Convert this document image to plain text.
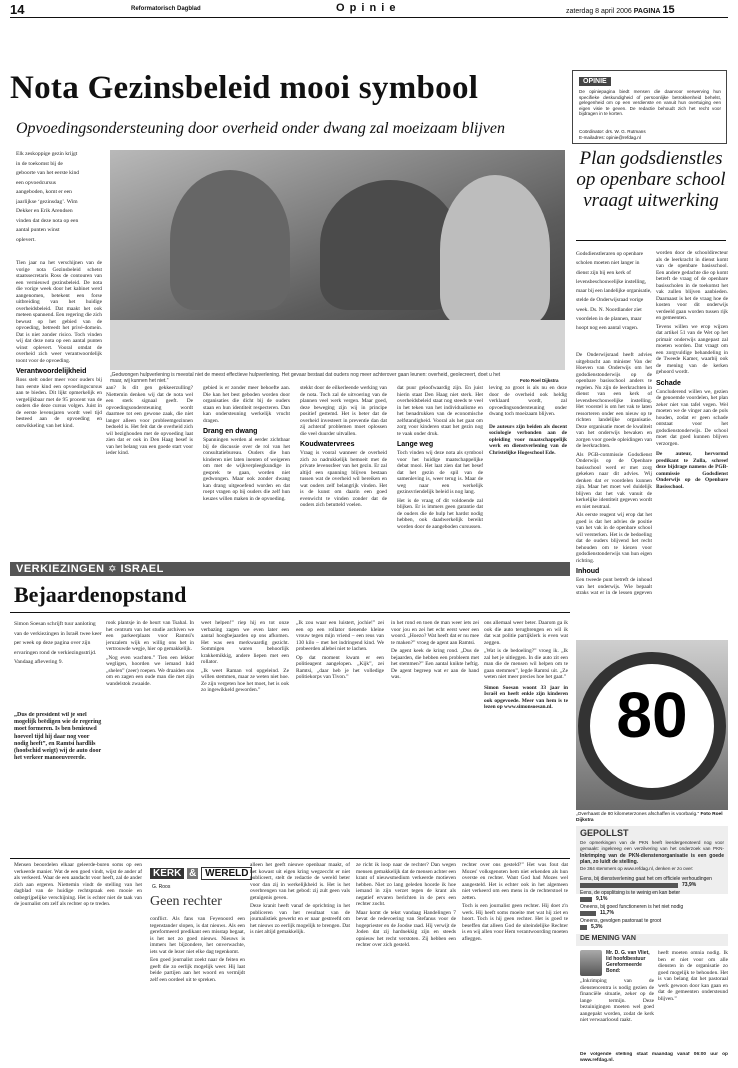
14	Reformatorisch Dagblad	O p i n i e	zaterdag 8 april 2006 PAGINA 15
Nota Gezinsbeleid mooi symbool
Opvoedingsondersteuning door overheid onder dwang zal moeizaam blijven
OPINIE
De opiniepagina biedt mensen die daarvoor verwerving hun specifieke deskundigheid of persoonlijke betrokkenheid behelst, gelegenheid om op een verdienste en vanuit hun overtuiging een eigen visie te geven. De redactie behoudt zich het recht voor bijdragen in te korten.
Coördinator: drs. W. G. Rutmans
E-mailadres: opinie@refdag.nl
Elk zeskoppige gezin krijgt in de toekomst bij de geboorte van het eerste kind een opvoedcursus aangeboden, komt er een jaarlijkse ‘gezinsdag’. Wim Dekker en Erik Arendsen vinden dat deze nota op een aantal punten winst oplevert.
„Gedwongen hulpverlening is meestal niet de meest effectieve hulpverlening. Het gevaar bestaat dat ouders nog meer achterover gaan leunen: overheid, geolecreert, doet u het maar, wij kunnen het niet.”	Foto Roel Dijkstra

Tien jaar na het verschijnen van de vorige nota Gezinsbeleid schetst staatssecretaris Ross de contouren van een vernieuwd gezinsbeleid. De nota die vorige week door het kabinet werd aangenomen, betekent een forse uitbreiding van het huidige overheidsbeleid. Dat maakt het ook meteen spannend. Een regering die zich bewust op het gebied van de opvoeding, betreedt het privé-domein. Dat is niet zonder risico. Toch vinden wij dat deze nota op een aantal punten winst oplevert. Vooral omdat de overheid zich weer verantwoordelijk toont voor de opvoeding.

Verantwoordelijkheid

Ross stelt onder meer voor ouders bij hun eerste kind een opvoedingscursus aan te bieden. Dit lijkt opmerkelijk en vergelijkbaar met de 95 procent van de ouders die deze cursus volgen. Juist in de eerste levensjaren wordt veel tijd besteed aan de opvoeding en ontwikkeling van het kind.

aan? Is dit gen gekkeerzulling? Niettemin denken wij dat de nota wel een sterk signaal geeft. De opvoedingsondersteuning wordt daarmee tot een gewone zaak, die niet langer alleen voor probleemgezinnen bedoeld is. Het feit dat de overheid zich wil bezighouden met de opvoeding laat zien dat er ook in Den Haag besef is van het belang van een goede start voor ieder kind.

gebied is er zonder meer behoefte aan. Die kan het best geboden worden door organisaties die dicht bij de ouders staan en hun identiteit respecteren. Dan kan ondersteuning werkelijk vrucht dragen.

Drang en dwang

Spanningen werden al eerder zichtbaar bij de discussie over de rol van het consultatiebureau. Ouders die hun kinderen niet laten inenten of weigeren om met de wijkverpleegkundige in gesprek te gaan, worden niet gedwongen. Maar ook zonder dwang kan drang uitgeoefend worden en dat roept vragen op bij ouders die zelf hun keuzes willen maken in de opvoeding.

stekkt door de eilkerleende werking van de nota. Toch zal de uitvoering van de plannen veel werk vergen. Maar goed, deze beweging zijn wij in principe positief gestemd. Het is beter dat de overheid investeert in preventie dan dat zij achteraf problemen moet oplossen die veel duurder uitvallen.

Koudwatervrees

Vraag is vooral wanneer de overheid zich zo nadrukkelijk bemoeit met de private levenssfeer van het gezin. Er zal altijd een spanning blijven bestaan tussen wat de overheid wil bereiken en wat ouders zelf belangrijk vinden. Het is de kunst om daarin een goed evenwicht te vinden zonder dat de ouders zich betutteld voelen.

dat puur geloofwaardig zijn. En juist hierin staat Den Haag niet sterk. Het overheidsbeleid staat nog steeds te veel in het teken van het individualisme en het benadrukken van de economische zelfstandigheid. Vooral als het gaat om zorg voor kinderen staat het gezin nog te vaak onder druk.

Lange weg

Toch vinden wij deze nota als symbool voor het huidige maatschappelijke debat mooi. Het laat zien dat het besef dat het gezin de spil van de samenleving is, weer terug is. Maar de weg naar een werkelijk gezinsvriendelijk beleid is nog lang.

Het is de vraag of dit voldoende zal blijken. Er is immers geen garantie dat de ouders die de hulp het hardst nodig hebben, ook daadwerkelijk bereikt worden door de aangeboden cursussen.

leving zo groot is als nu en deze door de overheid ook heldig verklaard wordt, zal opvoedingsondersteuning onder dwang toch moeizaam blijven.

De auteurs zijn beiden als docent sociologie verbonden aan de opleiding voor maatschappelijk werk en dienstverlening van de Christelijke Hogeschool Ede.

Plan godsdienstles op openbare school vraagt uitwerking
Godsdienstleraren op openbare scholen moeten niet langer in dienst zijn bij een kerk of levensbeschouwelijke instelling, maar bij een landelijke organisatie, stelde de Onderwijsraad vorige week. Ds. N. Noordlander ziet voordelen in de plannen, maar hoopt nog een aantal vragen.

De Onderwijsraad heeft advies uitgebracht aan minister Van der Hoeven van Onderwijs om het godsdienstonderwijs op de openbare basisschool anders te regelen. Nu zijn de leerkrachten in dienst van een kerk of levensbeschouwelijke instelling. Het voorstel is om het vak te laten ressorteren onder een nieuw op te richten landelijke organisatie. Deze organisatie moet de kwaliteit van het onderwijs bewaken en zorgen voor goede opleidingen van de leerkrachten.

Als PGB-commissie Godsdienst Onderwijs op de Openbare basisschool werd er met zorg gekeken naar dit advies. Wij denken dat er voordelen kunnen zijn. Maar het moet wel duidelijk blijven dat het vak vanuit de kerkelijke identiteit gegeven wordt en niet neutraal.

Als eerste reagent wij erop dat het goed is dat het advies de positie van het vak in de openbare school wil versterken. Het is de bedoeling dat de ouders blijvend het recht behouden om te kiezen voor godsdienstonderwijs van hun eigen richting.

Inhoud

Een tweede punt betreft de inhoud van het onderwijs. Wie bepaalt straks wat er in de lessen gegeven

worden door de schooldirecteur als de leerkracht in dienst komt van de openbare basisschool. Een andere gedachte die op komt betreft de vraag of de openbare basisscholen in de toekomst het vak zullen blijven aanbieden. Daarnaast is het de vraag hoe de kosten voor dit onderwijs verdeeld gaan worden tussen rijk en gemeenten.

Tevens willen we erop wijzen dat artikel 51 van de Wet op het primair onderwijs aangepast zal moeten worden. Dat vraagt om een zorgvuldige behandeling in de Tweede Kamer, waarbij ook de mening van de kerken gehoord wordt.

Schade

Concluderend willen we, gezien de genoemde voordelen, het plan zeker niet van tafel vegen. Wel moeten we de vinger aan de pols houden, zodat er geen schade ontstaat voor het godsdienstonderwijs. De school moet dat goed kunnen blijven verzorgen.

De auteur, hervormd predikant te Zulla, schreef deze bijdrage namens de PGB-commissie Godsdienst Onderwijs op de Openbare Basisschool.

80
„Overhaast de 80 kilometerzones afschaffen is voorbarig.” Foto Roel Dijkstra
VERKIEZINGEN ✡ ISRAEL
Bejaardenopstand
Simon Soesan schrijft tuur aanloting van de verkiezingen in Israël twee keer per week op deze pagina over zijn ervaringen rond de verkiezingsstrijd. Vandaag aflevering 9.
„Dus de president wil je snel mogelijk beëdigen wie de regering moet formeren. Is ben benieuwd hoeveel tijd hij daar nog voor nodig heeft”, en Ramtsi hardlils (hoofschid weigt) wij de auto door het verkeer manoeuvreerde.

rook plantsje in de heurt van Tsahal. In het centrum van het studie archiven we een parkeerplaats voor Ramtsi's jeruzalem wijk en willig ons het in vertrouwde wegje, hier op gemakkelijk.

„Nog even wachten.” Tien een lekker wegligen, hoorden we iemand luid „shelen” (zeer) roepen. We draaiden ons om en zagen een oude man die met zijn wandelstok zwaaide.

weet helpen!” riep hij en tot onze verbazing zagen we even later een aantal hoogbejaarden op ons afkomen. Het was een merkwaardig gezicht. Sommigen waren behoorlijk krakkemikkig, andere liepen met een rollator.

„Ik weet Raman vol opgeleind. Ze willen stemmen, maar ze weten niet hoe. Ze zijn vergeten hoe het moet, het is ook zo ingewikkeld geworden.”

„Ik zou waar een luistert, jochie!” zei een op een rollator tienende kleine vrouw tegen mijn vriend – een reus van 130 kilo – met het indringend kind. We probeerden allebei niet te lachen.

Op dat moment kwam er een politieagent aangelopen. „Kijk”, zei Ramtsi, „daar heb je het volledige politiekorps van Tivon.”

in het rond en toen de man weer iets zei voor jou en zei het echt eerst weer een woord. „Hoezo? Wat heeft dat er nu mee te maken?” vroeg de agent aan Ramtsi.

De agent keek de kring rond. „Dus de bejaarden, die hebben een probleem met het stemmen?” Een aantal knikte heftig. De agent begreep wat er aan de hand was.

ons allemaal weer beter. Daarom ga ik ook die auto terugbrengen en wil ik dat wat politie partijklerk is even wat zeggen.

„Wat is de bedoeling?” vroeg ik. „Ik zal het je uitleggen. In die auto zit een man die de mensen wil helpen om te gaan stemmen”, legde Ramtsi uit. „Ze weten niet meer precies hoe het gaat.”

Simon Soesan woont 33 jaar in Israël en heeft enkle zijn kinderen ook opgevoede. Meer van hem is te lezen op www.simonsoesan.nl.

Mensen beoordelen elkaar geleerde-buren soms op een verkeerde manier. Wat de een goed vindt, wijst de ander af als verkeerd. Waar de een aandacht voor heeft, zal de ander zich aan ergeren. Niettemin vindt de stelling van het dagblad van de huidige rechtspraak een mooie en onbegrijpelijke verschijning. Het is echter niet de taak van de journalist om zelf als rechter op te treden.
KERK & WERELD
G. Roos
Geen rechter

conflict. Als fans van Feyenoord een tegenstander slopen, is dat nieuws. Als een gereformeerd predikant een misstap begaat, is het net zo goed nieuws. Nieuws is immers het bijzondere, het onverwachte, iets wat de lezer niet elke dag tegenkomt.

Een goed journalist zoekt naar de feiten en geeft die zo eerlijk mogelijk weer. Hij laat beide partijen aan het woord en vermijdt zelf een oordeel uit te spreken.

alleen het geeft nieuwe openbaar maakt, of het kowast uit eigen kring wegzeccht er niet publiceert, stelt de redactie de wereld beter voor dan zij in werkelijkheid is. Het is het overbrengen van het gebod: zij zult geen vals getuigenis geven.

Deze kranit heeft vanaf de oprichting in het publiceren van het resultaat van de journalistiek gewerkt en er naar gestreefd om het nieuws zo eerlijk mogelijk te brengen. Dat is niet altijd gemakkelijk.

ze richt ik loop naar de rechter? Dan wegen mensen gemakkelijk dat de mensen achter een krant of nieuwsmedium verkeerde motieven hebben. Niet zo lang geleden hoorde ik hoe iemand in zijn verzet tegen de krant als negatief ervaren berichten in de pers een rechter zocht.

Maar komt de tekst vandaag Handelingen 7 bevat de redevoering van Stefanus voor de hogepriester en de Joodse raad. Hij verwijt de Joden dat zij hardnekkig zijn en steeds opnieuw het recht verstoten. Zij hebben een rechter over zich gesteld.

rechter over ons gesteld?” Het was fout dat Mozes' volksgenoten hem niet erkenden als hun overste en rechter. Want God had Mozes wel aangesteld. Het is echter ook in het algemeen niet verkeerd om een mens in de rechterstoel te zetten.

Toch is een journalist geen rechter. Hij doet z'n werk. Hij heeft soms moeite met wat hij ziet en hoort. Toch is hij geen rechter. Het is goed te beseffen dat alleen God de uiteindelijke Rechter is en wij allen voor Hem verantwoording moeten afleggen.

GEPOLLST
De opmerkingen van de PKN heeft leerdergenoteerd nog voor gemaakt: ingekreeg een verzilvering van het onderzoek van PKN-
Inkrimping van de PKN-dienstenorganisatie is een goede plan, zo luidt de stelling.
De 364 stemmers op www.refdag.nl, denken er zo over:
Eens, bij dienstverlening gaat het om officiele verhoudingen
73,9%
Eens, de opsplitsing is te weinig en kan beter
9,1%
Oneens, bij goed functioneren is het niet nodig
11,7%
Oneens, gevolgen pastoraat te groot
5,3%
DE MENING VAN
Mr. D. G. van Vliet, lid hoofdbestuur Gereformeerde Bond:
„Inkrimping van de dienstencentra is nodig gezien de financiële situatie, zeker op de lange termijn. Deze bezuinigingen moeten wel goed aangepakt worden, zodat de kerk niet verwaarloosd raakt.
heeft moeten omnia nodig. Ik ben er niet voor om alle diensten in de organisatie zo goed mogelijk te behouden. Het is van belang dat het pastoraal werk gewoon door kan gaan en dat de gemeenten ondersteund blijven.”
De volgende stelling staat maandag vanaf 06:00 uur op www.refdag.nl.
